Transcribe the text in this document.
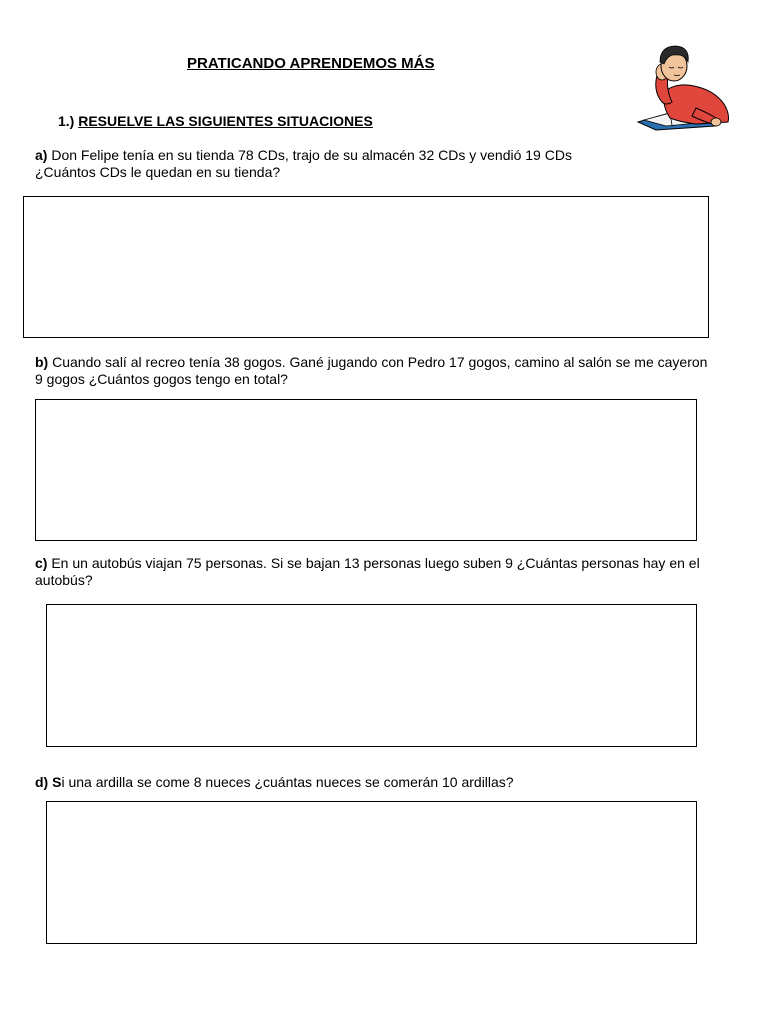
PRATICANDO APRENDEMOS MÁS
1.) RESUELVE LAS SIGUIENTES SITUACIONES
a) Don Felipe tenía en su tienda 78 CDs, trajo de su almacén 32 CDs y vendió 19 CDs
¿Cuántos CDs le quedan en su tienda?
b) Cuando salí al recreo tenía 38 gogos. Gané jugando con Pedro 17 gogos, camino al salón se me cayeron 9 gogos ¿Cuántos gogos tengo en total?
c) En un autobús viajan 75 personas. Si se bajan 13 personas luego suben 9 ¿Cuántas personas hay en el autobús?
d) Si una ardilla se come 8 nueces ¿cuántas nueces se comerán 10 ardillas?
